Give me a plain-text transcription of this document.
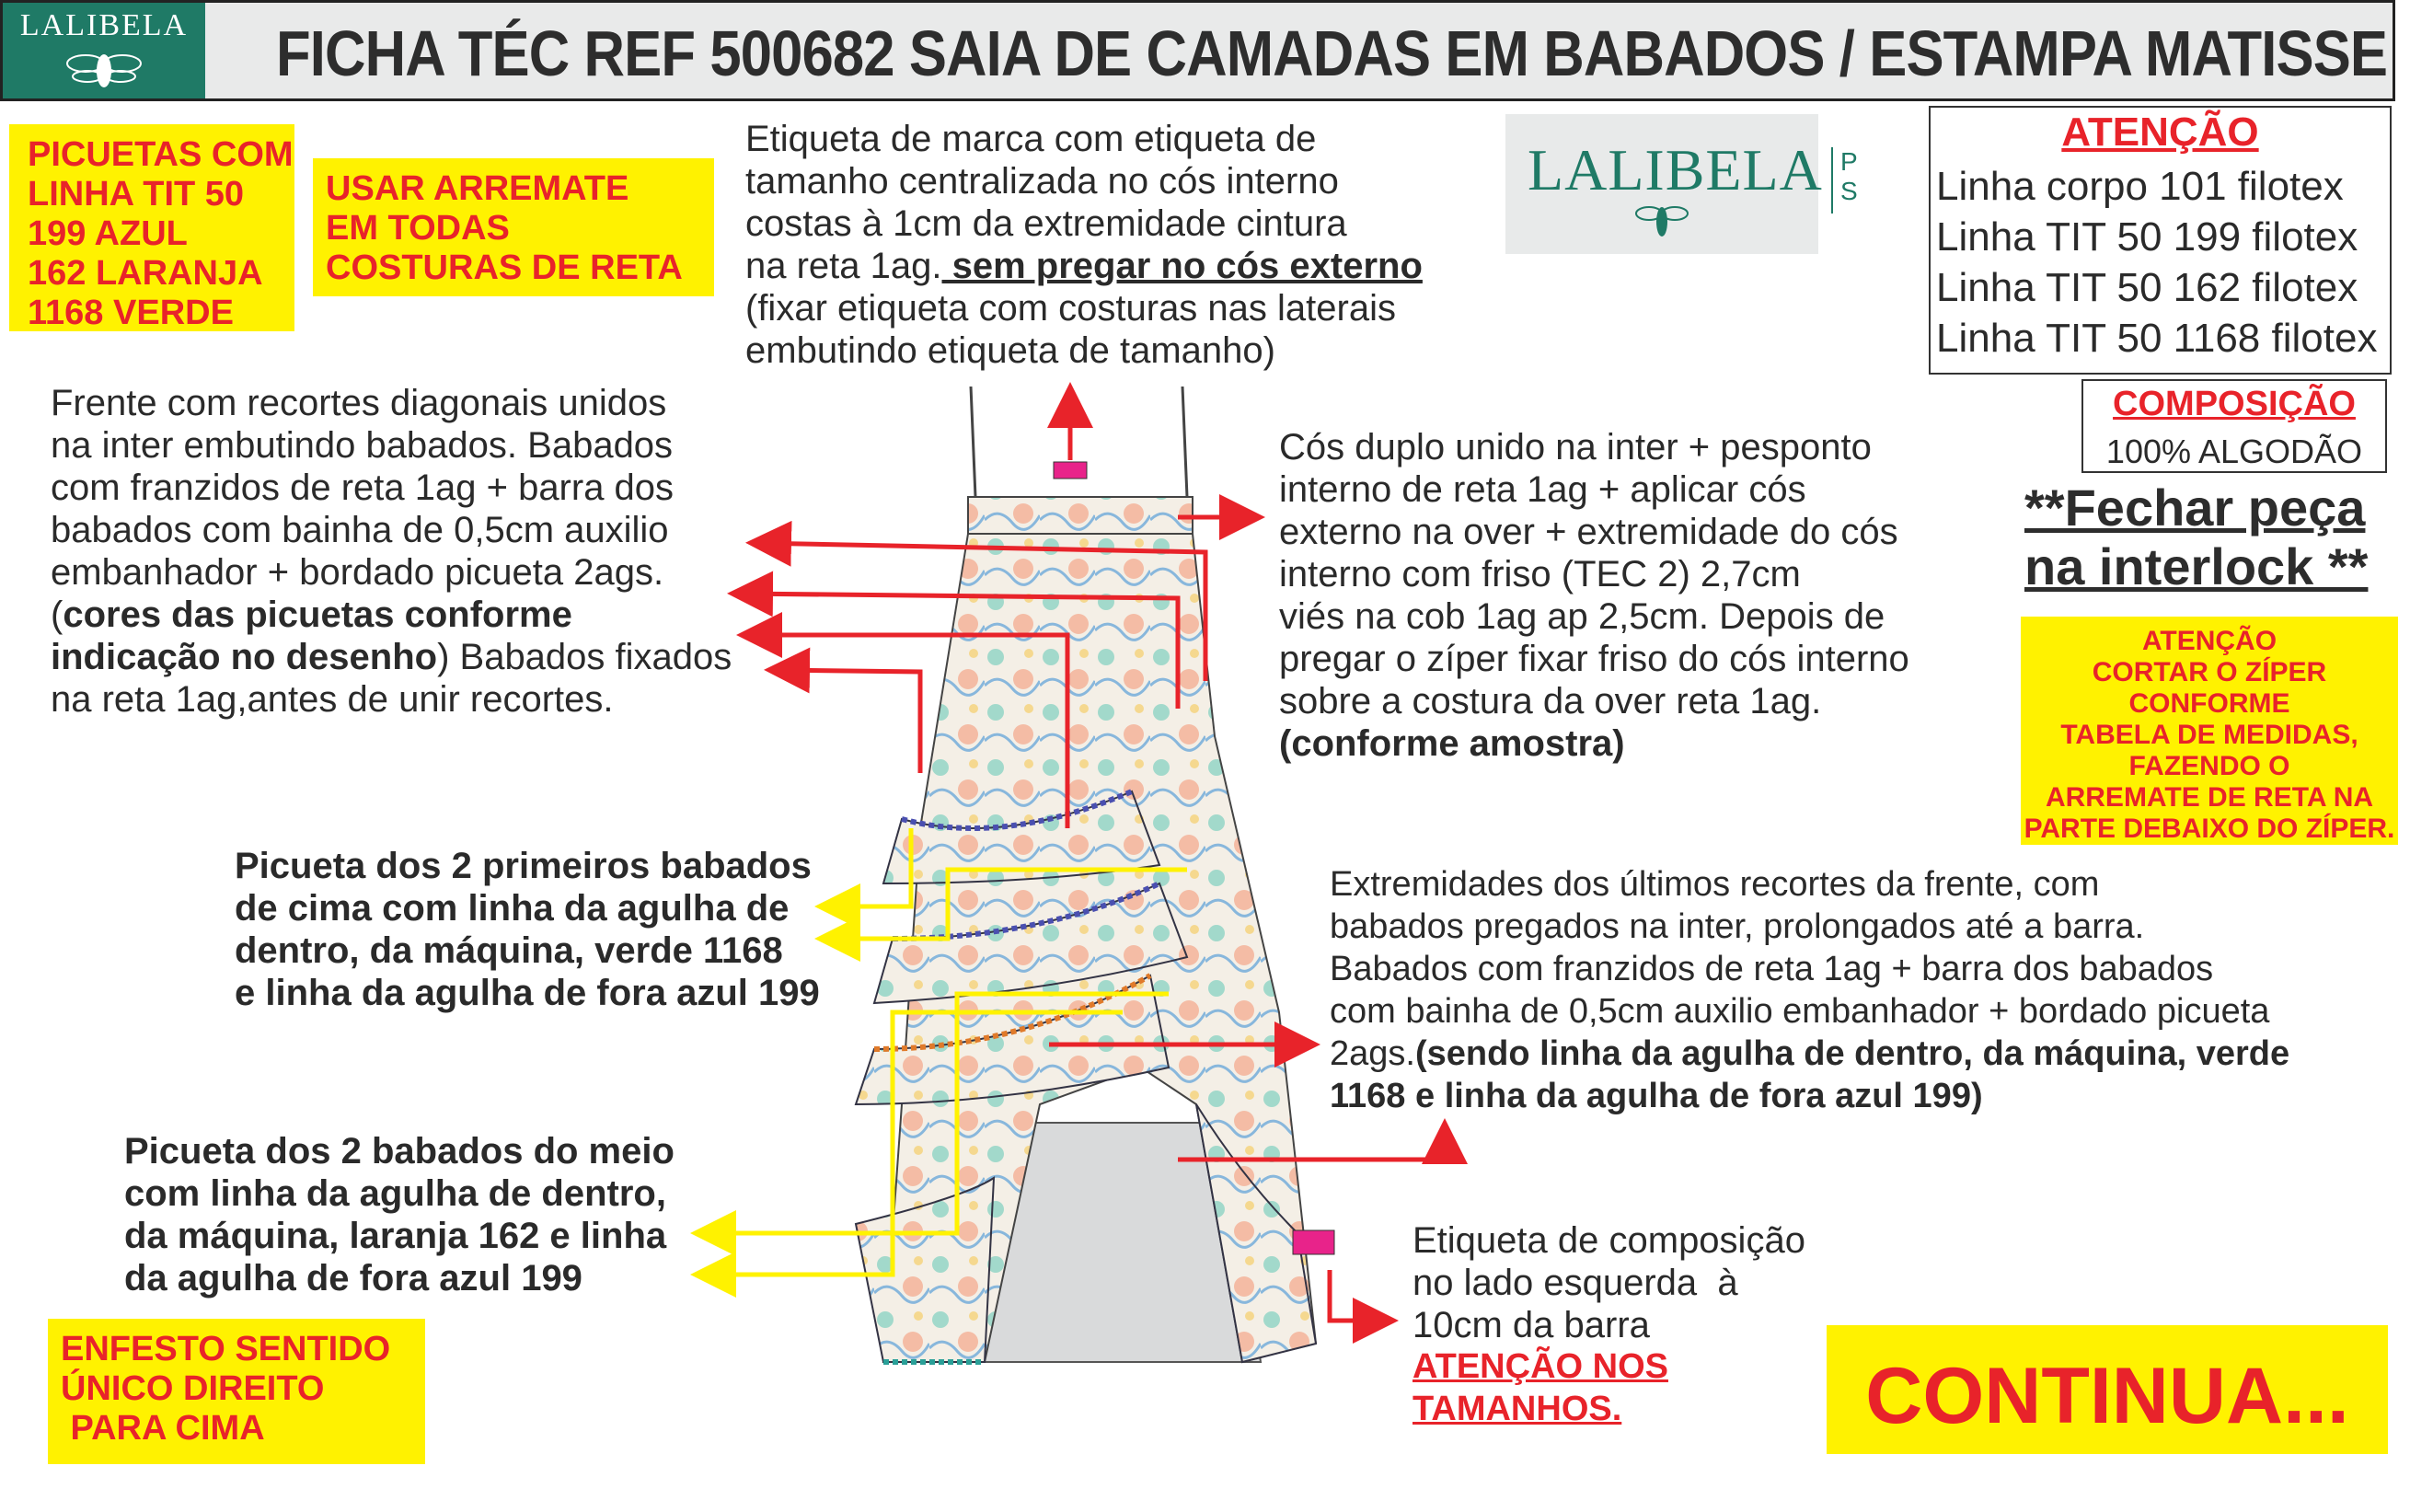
LALIBELA FICHA TÉC REF 500682 SAIA DE CAMADAS EM BABADOS / ESTAMPA MATISSE
PICUETAS COM
LINHA TIT 50
199 AZUL
162 LARANJA
1168 VERDE
USAR ARREMATE
EM TODAS
COSTURAS DE RETA
Etiqueta de marca com etiqueta de
tamanho centralizada no cós interno
costas à 1cm da extremidade cintura
na reta 1ag. sem pregar no cós externo
(fixar etiqueta com costuras nas laterais
embutindo etiqueta de tamanho)
LALIBELA P
S
ATENÇÃO
Linha corpo 101 filotex
Linha TIT 50 199 filotex
Linha TIT 50 162 filotex
Linha TIT 50 1168 filotex
COMPOSIÇÃO
100% ALGODÃO
**Fechar peça
na interlock **
ATENÇÃO
CORTAR O ZÍPER
CONFORME
TABELA DE MEDIDAS,
FAZENDO O
ARREMATE DE RETA NA
PARTE DEBAIXO DO ZÍPER.
Frente com recortes diagonais unidos
na inter embutindo babados. Babados
com franzidos de reta 1ag + barra dos
babados com bainha de 0,5cm auxilio
embanhador + bordado picueta 2ags.
(cores das picuetas conforme
indicação no desenho) Babados fixados
na reta 1ag,antes de unir recortes.
Cós duplo unido na inter + pesponto
interno de reta 1ag + aplicar cós
externo na over + extremidade do cós
interno com friso (TEC 2) 2,7cm
viés na cob 1ag ap 2,5cm. Depois de
pregar o zíper fixar friso do cós interno
sobre a costura da over reta 1ag.
(conforme amostra)
Picueta dos 2 primeiros babados
de cima com linha da agulha de
dentro, da máquina, verde 1168
e linha da agulha de fora azul 199
Picueta dos 2 babados do meio
com linha da agulha de dentro,
da máquina, laranja 162 e linha
da agulha de fora azul 199
Extremidades dos últimos recortes da frente, com
babados pregados na inter, prolongados até a barra.
Babados com franzidos de reta 1ag + barra dos babados
com bainha de 0,5cm auxilio embanhador + bordado picueta
2ags.(sendo linha da agulha de dentro, da máquina, verde
1168 e linha da agulha de fora azul 199)
Etiqueta de composição
no lado esquerda  à
10cm da barra
ATENÇÃO NOS
TAMANHOS.
ENFESTO SENTIDO
ÚNICO DIREITO
PARA CIMA	CONTINUA...
